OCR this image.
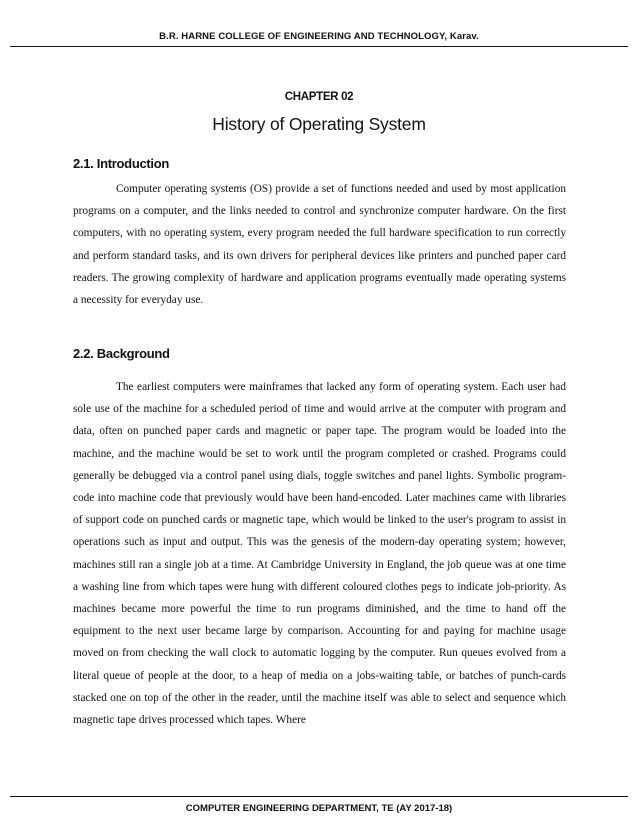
B.R. HARNE COLLEGE OF ENGINEERING AND TECHNOLOGY, Karav.
CHAPTER 02
History of Operating System
2.1. Introduction

Computer operating systems (OS) provide a set of functions needed and used by most application programs on a computer, and the links needed to control and synchronize computer hardware. On the first computers, with no operating system, every program needed the full hardware specification to run correctly and perform standard tasks, and its own drivers for peripheral devices like printers and punched paper card readers. The growing complexity of hardware and application programs eventually made operating systems a necessity for everyday use.

2.2. Background

The earliest computers were mainframes that lacked any form of operating system. Each user had sole use of the machine for a scheduled period of time and would arrive at the computer with program and data, often on punched paper cards and magnetic or paper tape. The program would be loaded into the machine, and the machine would be set to work until the program completed or crashed. Programs could generally be debugged via a control panel using dials, toggle switches and panel lights. Symbolic program-code into machine code that previously would have been hand-encoded. Later machines came with libraries of support code on punched cards or magnetic tape, which would be linked to the user's program to assist in operations such as input and output. This was the genesis of the modern-day operating system; however, machines still ran a single job at a time. At Cambridge University in England, the job queue was at one time a washing line from which tapes were hung with different coloured clothes pegs to indicate job-priority. As machines became more powerful the time to run programs diminished, and the time to hand off the equipment to the next user became large by comparison. Accounting for and paying for machine usage moved on from checking the wall clock to automatic logging by the computer. Run queues evolved from a literal queue of people at the door, to a heap of media on a jobs-waiting table, or batches of punch-cards stacked one on top of the other in the reader, until the machine itself was able to select and sequence which magnetic tape drives processed which tapes. Where

COMPUTER ENGINEERING DEPARTMENT, TE (AY 2017-18)
